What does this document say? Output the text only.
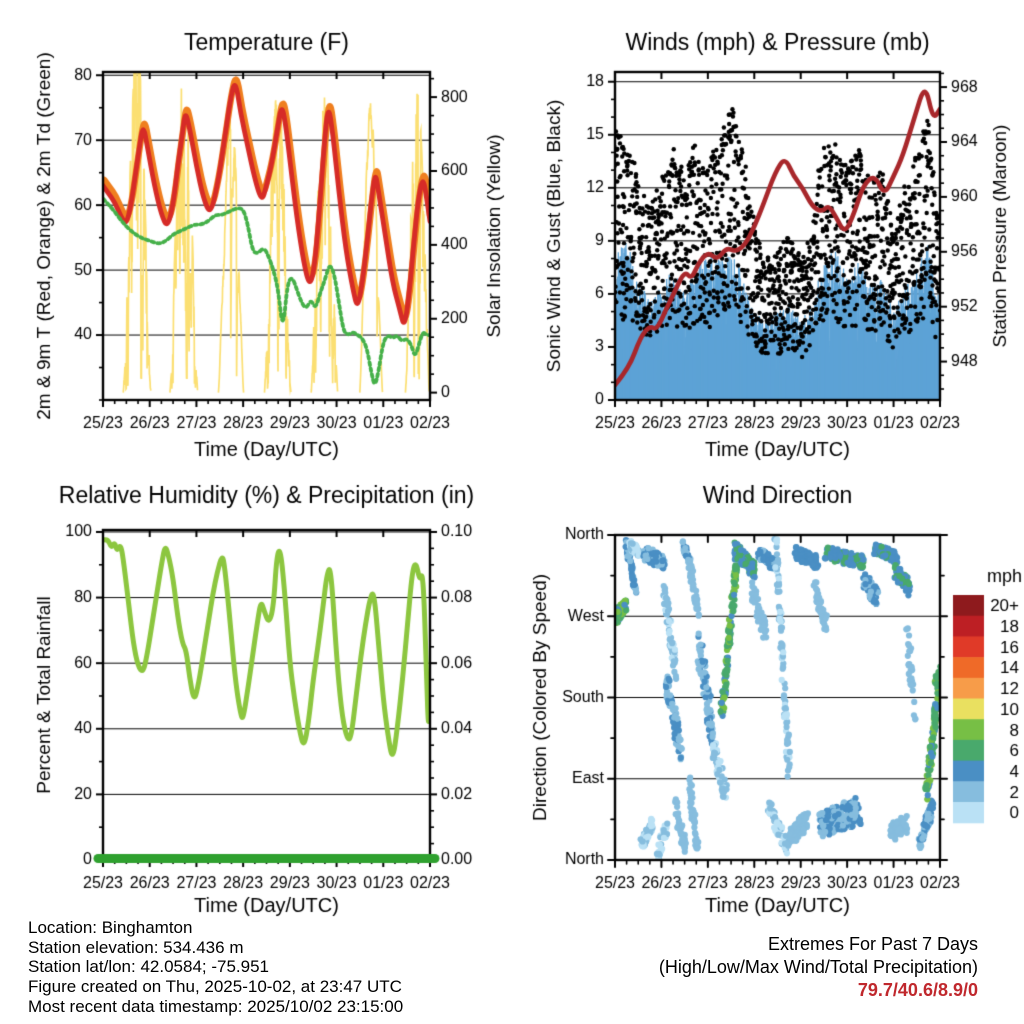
Location: Binghamton
Station elevation: 534.436 m
Station lat/lon: 42.0584; -75.951
Figure created on Thu, 2025-10-02, at 23:47 UTC
Most recent data timestamp: 2025/10/02 23:15:00
Extremes For Past 7 Days
(High/Low/Max Wind/Total Precipitation)
79.7/40.6/8.9/0
